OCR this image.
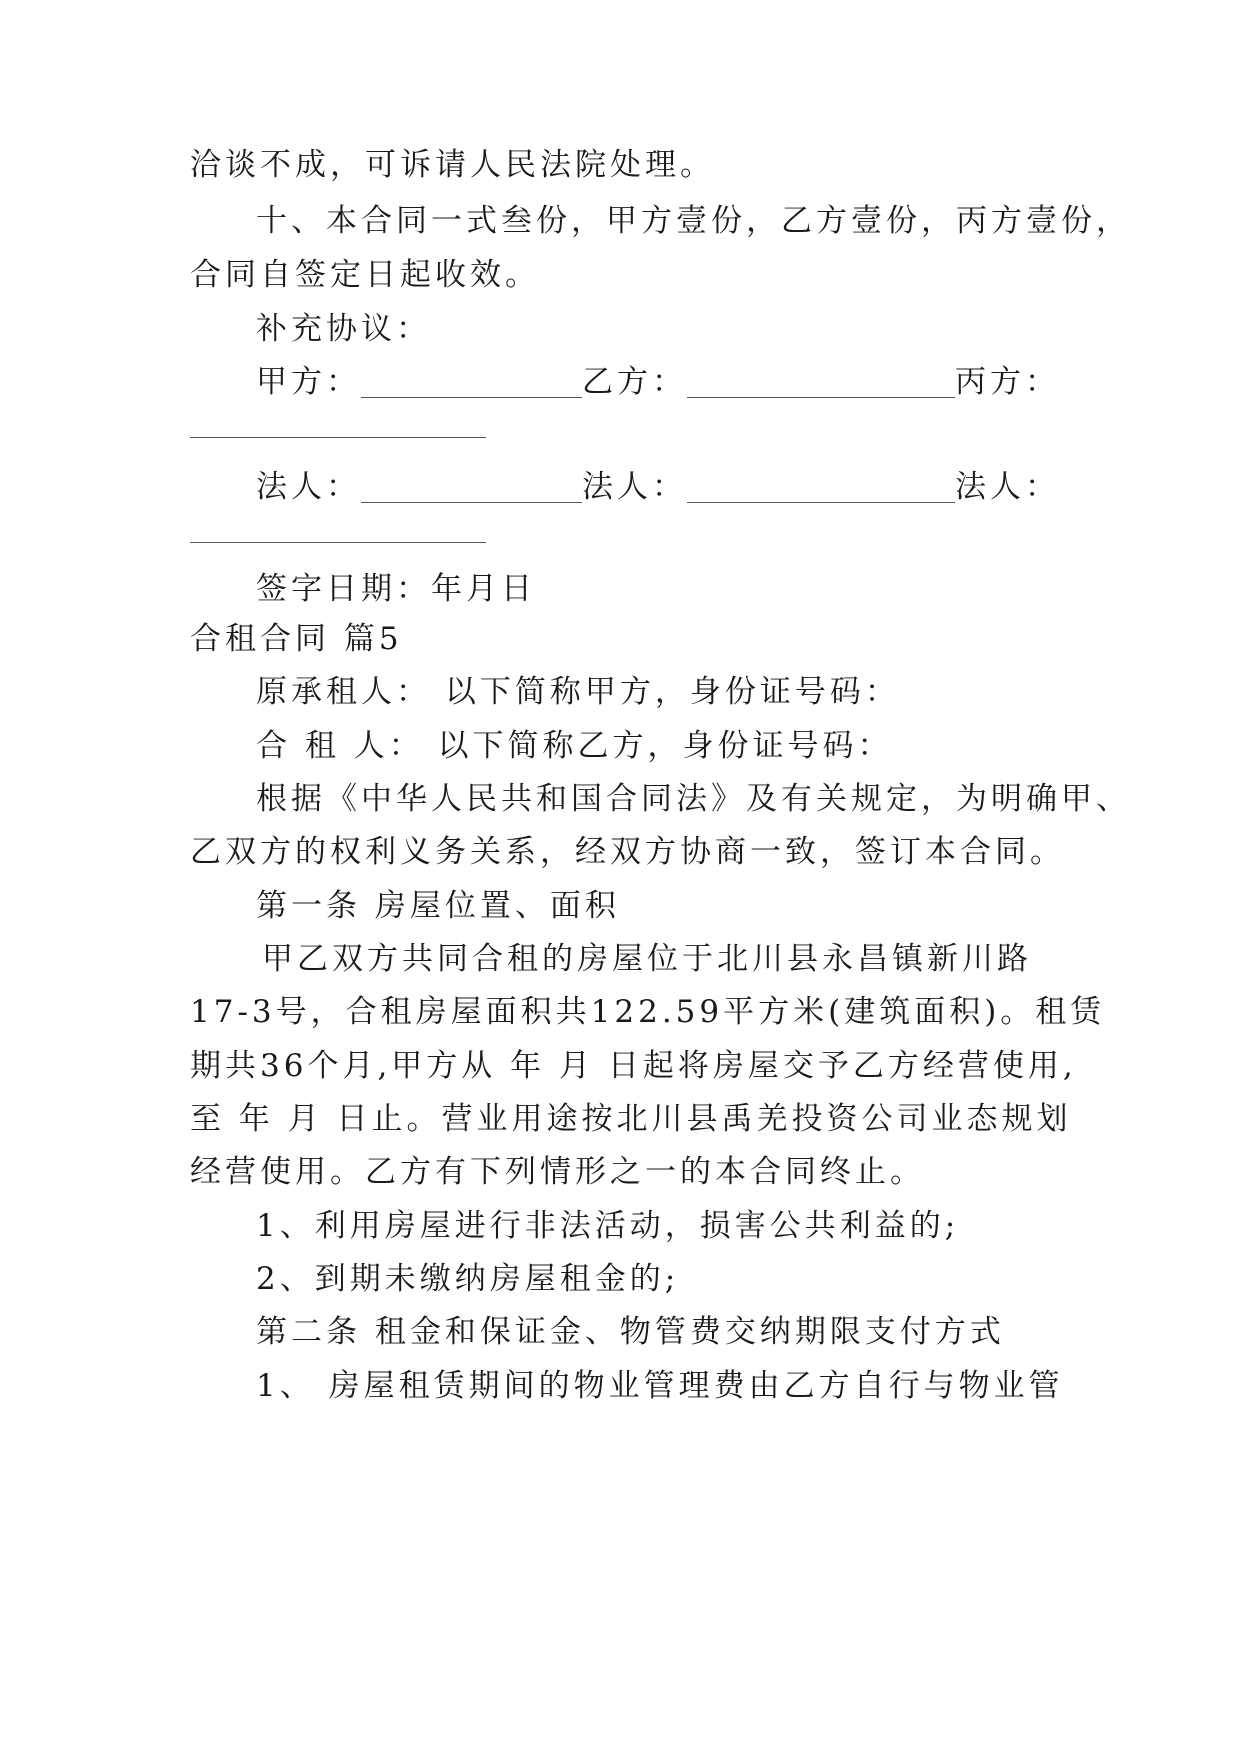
洽谈不成，可诉请人民法院处理。
十、本合同一式叁份，甲方壹份，乙方壹份，丙方壹份，
合同自签定日起收效。
补充协议：
甲方：	乙方：	丙方：
法人：	法人：	法人：
签字日期：年月日
合租合同 篇5
原承租人： 以下简称甲方，身份证号码：
合 租 人： 以下简称乙方，身份证号码：
根据《中华人民共和国合同法》及有关规定，为明确甲、
乙双方的权利义务关系，经双方协商一致，签订本合同。
第一条 房屋位置、面积
甲乙双方共同合租的房屋位于北川县永昌镇新川路
17-3号，合租房屋面积共122.59平方米(建筑面积)。租赁
期共36个月,甲方从 年 月 日起将房屋交予乙方经营使用,
至 年 月 日止。营业用途按北川县禹羌投资公司业态规划
经营使用。乙方有下列情形之一的本合同终止。
1、利用房屋进行非法活动，损害公共利益的;
2、到期未缴纳房屋租金的;
第二条 租金和保证金、物管费交纳期限支付方式
1、 房屋租赁期间的物业管理费由乙方自行与物业管
